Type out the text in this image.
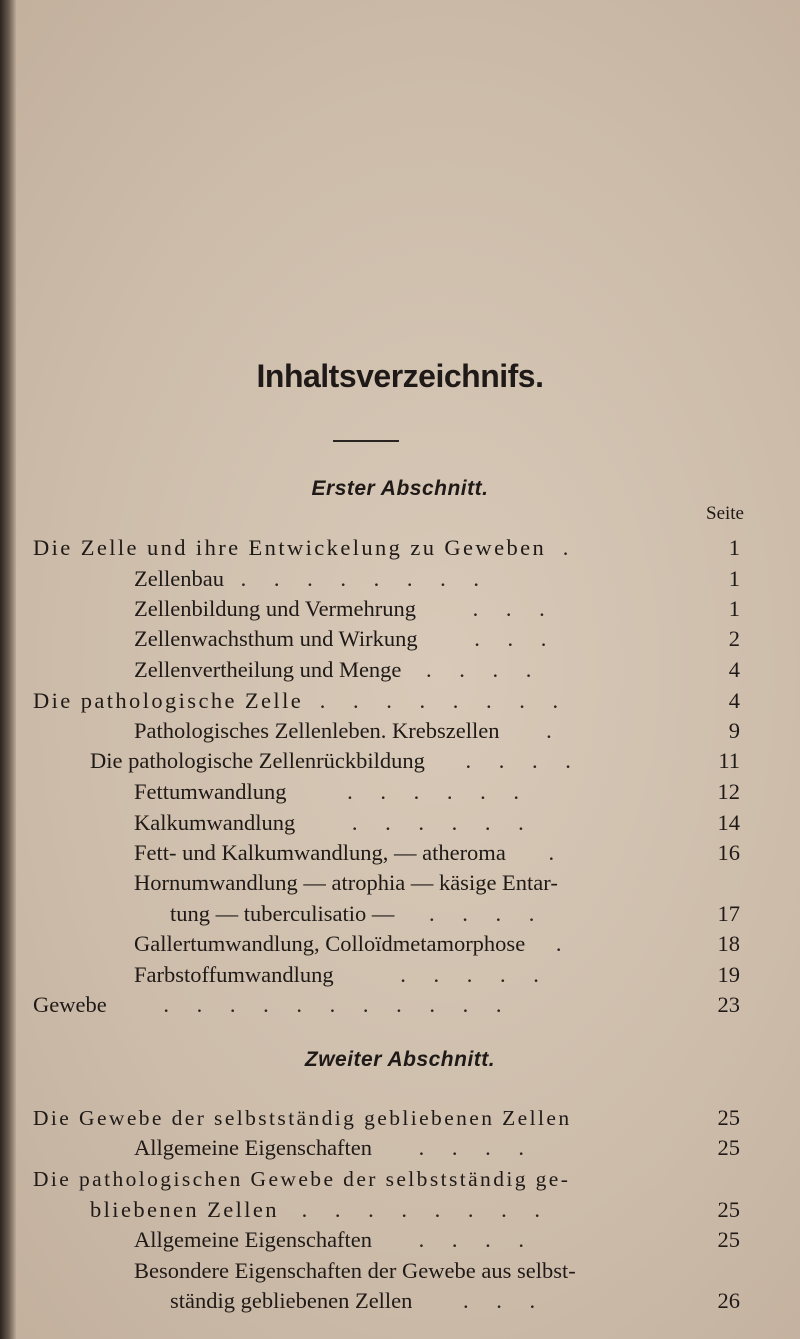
Inhaltsverzeichnifs.
Erster Abschnitt.
Seite
Die Zelle und ihre Entwickelung zu Geweben .	1
Zellenbau . . . . . . . .	1
Zellenbildung und Vermehrung . . .	1
Zellenwachsthum und Wirkung . . .	2
Zellenvertheilung und Menge . . . .	4
Die pathologische Zelle . . . . . . . .	4
Pathologisches Zellenleben. Krebszellen .	9
Die pathologische Zellenrückbildung . . . .	11
Fettumwandlung . . . . . .	12
Kalkumwandlung . . . . . .	14
Fett- und Kalkumwandlung, — atheroma .	16
Hornumwandlung — atrophia — käsige Entar-
tung — tuberculisatio — . . . .	17
Gallertumwandlung, Colloïdmetamorphose .	18
Farbstoffumwandlung . . . . .	19
Gewebe . . . . . . . . . . .	23
Zweiter Abschnitt.
Die Gewebe der selbstständig gebliebenen Zellen	25
Allgemeine Eigenschaften . . . .	25
Die pathologischen Gewebe der selbstständig ge-
bliebenen Zellen . . . . . . . .	25
Allgemeine Eigenschaften . . . .	25
Besondere Eigenschaften der Gewebe aus selbst-
ständig gebliebenen Zellen . . .	26
